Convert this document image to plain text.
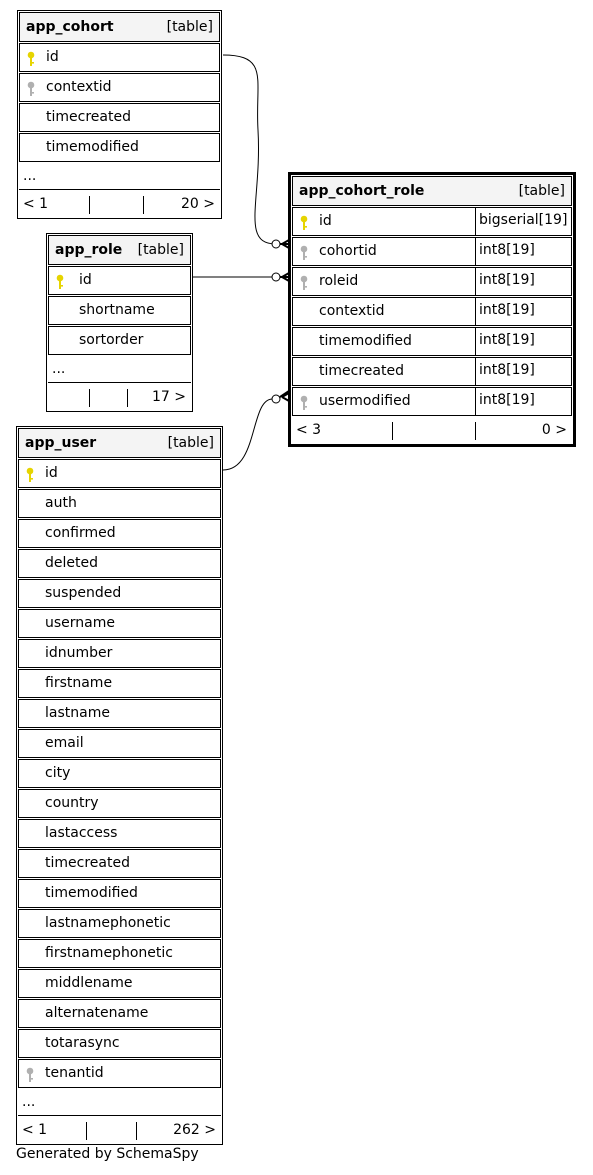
app_cohort	[table]
id
contextid
timecreated
timemodified
...
< 1	20 >
app_role [table]
id
shortname
sortorder
...
17 >
app_user	[table]
id
auth
confirmed
deleted
suspended
username
idnumber
firstname
lastname
email
city
country
lastaccess
timecreated
timemodified
lastnamephonetic
firstnamephonetic
middlename
alternatename
totarasync
tenantid
...
< 1	262 >
app_cohort_role	[table]
id	bigserial[19]
cohortid	int8[19]
roleid	int8[19]
contextid	int8[19]
timemodified	int8[19]
timecreated	int8[19]
usermodified	int8[19]
< 3	0 >
Generated by SchemaSpy
